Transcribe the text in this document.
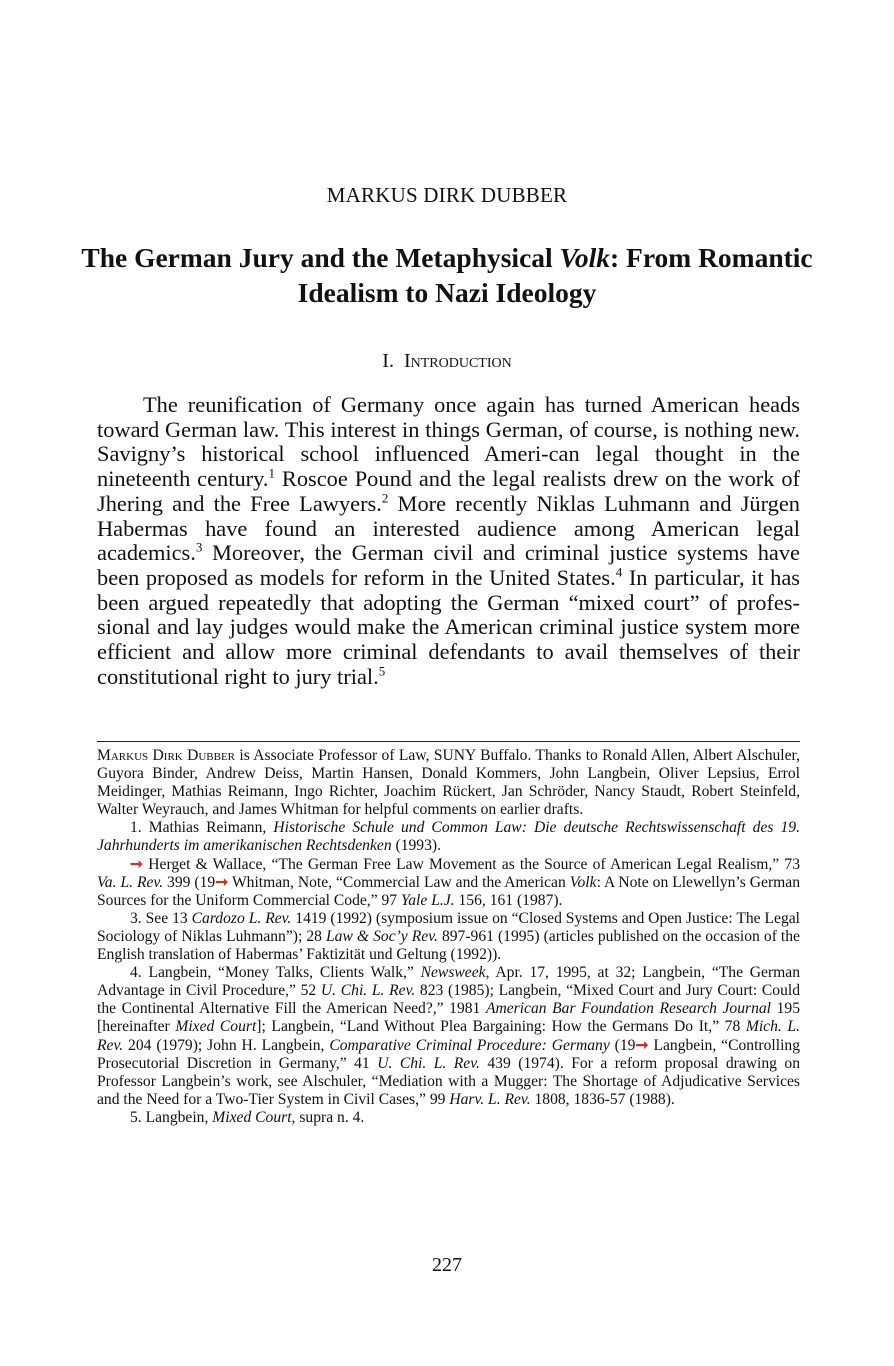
MARKUS DIRK DUBBER
The German Jury and the Metaphysical Volk: From Romantic Idealism to Nazi Ideology
I. Introduction

The reunification of Germany once again has turned American heads toward German law. This interest in things German, of course, is nothing new. Savigny’s historical school influenced Ameri-can legal thought in the nineteenth century.$^1$ Roscoe Pound and the legal realists drew on the work of Jhering and the Free Lawyers.$^2$ More recently Niklas Luhmann and Jürgen Habermas have found an interested audience among American legal academics.$^3$ Moreover, the German civil and criminal justice systems have been proposed as models for reform in the United States.$^4$ In particular, it has been argued repeatedly that adopting the German “mixed court” of professional and lay judges would make the American criminal justice system more efficient and allow more criminal defendants to avail themselves of their constitutional right to jury trial.$^5$

Markus Dirk Dubber is Associate Professor of Law, SUNY Buffalo. Thanks to Ronald Allen, Albert Alschuler, Guyora Binder, Andrew Deiss, Martin Hansen, Donald Kommers, John Langbein, Oliver Lepsius, Errol Meidinger, Mathias Reimann, Ingo Richter, Joachim Rückert, Jan Schröder, Nancy Staudt, Robert Steinfeld, Walter Weyrauch, and James Whitman for helpful comments on earlier drafts.

1. Mathias Reimann, Historische Schule und Common Law: Die deutsche Rechtswissenschaft des 19. Jahrhunderts im amerikanischen Rechtsdenken (1993).

➞ Herget & Wallace, “The German Free Law Movement as the Source of American Legal Realism,” 73 Va. L. Rev. 399 (19➞ Whitman, Note, “Commercial Law and the American Volk: A Note on Llewellyn’s German Sources for the Uniform Commercial Code,” 97 Yale L.J. 156, 161 (1987).

3. See 13 Cardozo L. Rev. 1419 (1992) (symposium issue on “Closed Systems and Open Justice: The Legal Sociology of Niklas Luhmann”); 28 Law & Soc’y Rev. 897-961 (1995) (articles published on the occasion of the English translation of Habermas’ Faktizität und Geltung (1992)).

4. Langbein, “Money Talks, Clients Walk,” Newsweek, Apr. 17, 1995, at 32; Langbein, “The German Advantage in Civil Procedure,” 52 U. Chi. L. Rev. 823 (1985); Langbein, “Mixed Court and Jury Court: Could the Continental Alternative Fill the American Need?,” 1981 American Bar Foundation Research Journal 195 [hereinafter Mixed Court]; Langbein, “Land Without Plea Bargaining: How the Germans Do It,” 78 Mich. L. Rev. 204 (1979); John H. Langbein, Comparative Criminal Procedure: Germany (19➞ Langbein, “Controlling Prosecutorial Discretion in Germany,” 41 U. Chi. L. Rev. 439 (1974). For a reform proposal drawing on Professor Langbein’s work, see Alschuler, “Mediation with a Mugger: The Shortage of Adjudicative Services and the Need for a Two-Tier System in Civil Cases,” 99 Harv. L. Rev. 1808, 1836-57 (1988).

5. Langbein, Mixed Court, supra n. 4.

227
